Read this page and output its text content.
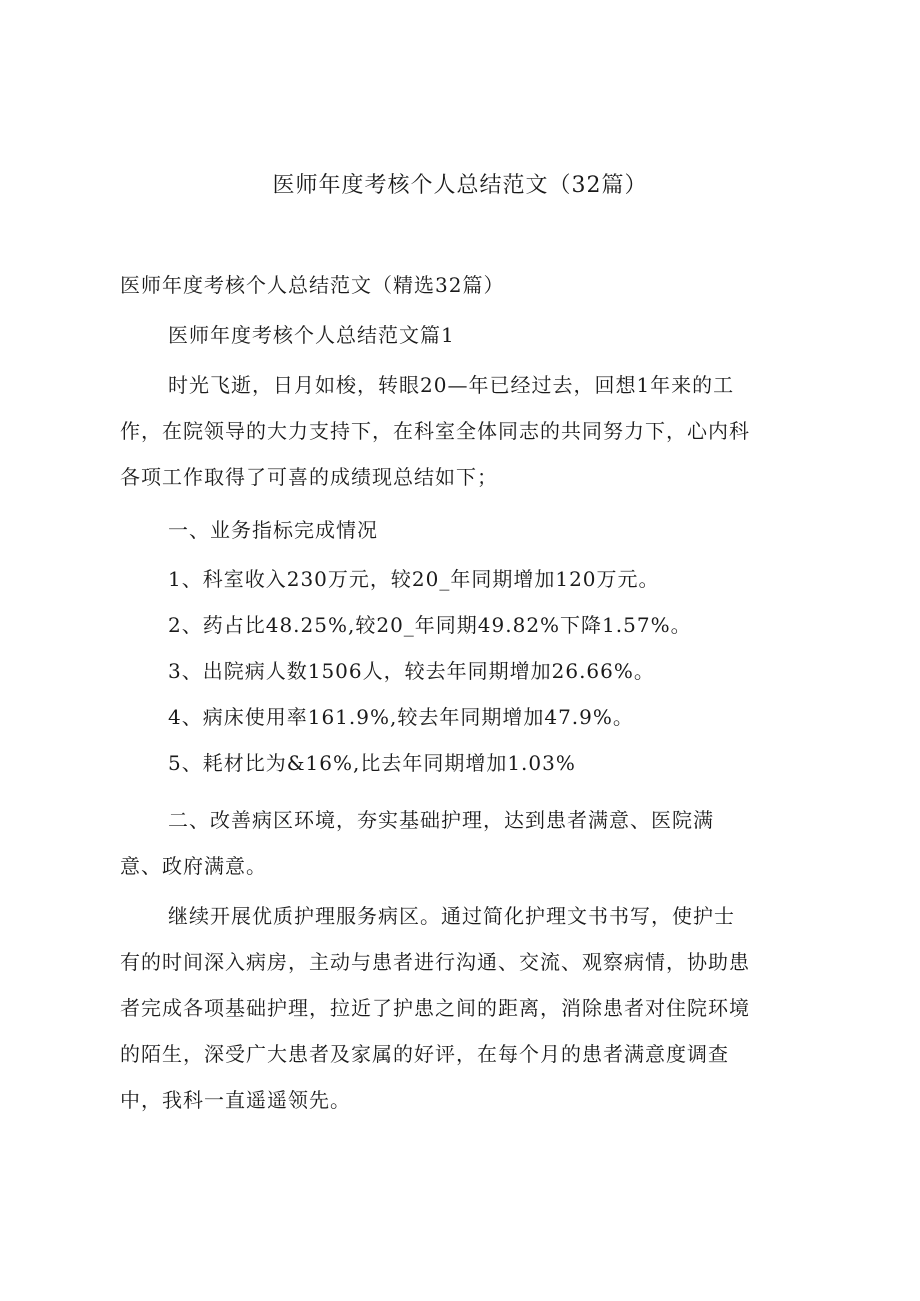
医师年度考核个人总结范文（32篇）

医师年度考核个人总结范文（精选32篇）

医师年度考核个人总结范文篇1

时光飞逝，日月如梭，转眼20—年已经过去，回想1年来的工
作，在院领导的大力支持下，在科室全体同志的共同努力下，心内科
各项工作取得了可喜的成绩现总结如下；

一、业务指标完成情况

1、科室收入230万元，较20_年同期增加120万元。
2、药占比48.25%,较20_年同期49.82%下降1.57%。
3、出院病人数1506人，较去年同期增加26.66%。
4、病床使用率161.9%,较去年同期增加47.9%。
5、耗材比为&16%,比去年同期增加1.03%

二、改善病区环境，夯实基础护理，达到患者满意、医院满
意、政府满意。

继续开展优质护理服务病区。通过简化护理文书书写，使护士
有的时间深入病房，主动与患者进行沟通、交流、观察病情，协助患
者完成各项基础护理，拉近了护患之间的距离，消除患者对住院环境
的陌生，深受广大患者及家属的好评，在每个月的患者满意度调查
中，我科一直遥遥领先。
